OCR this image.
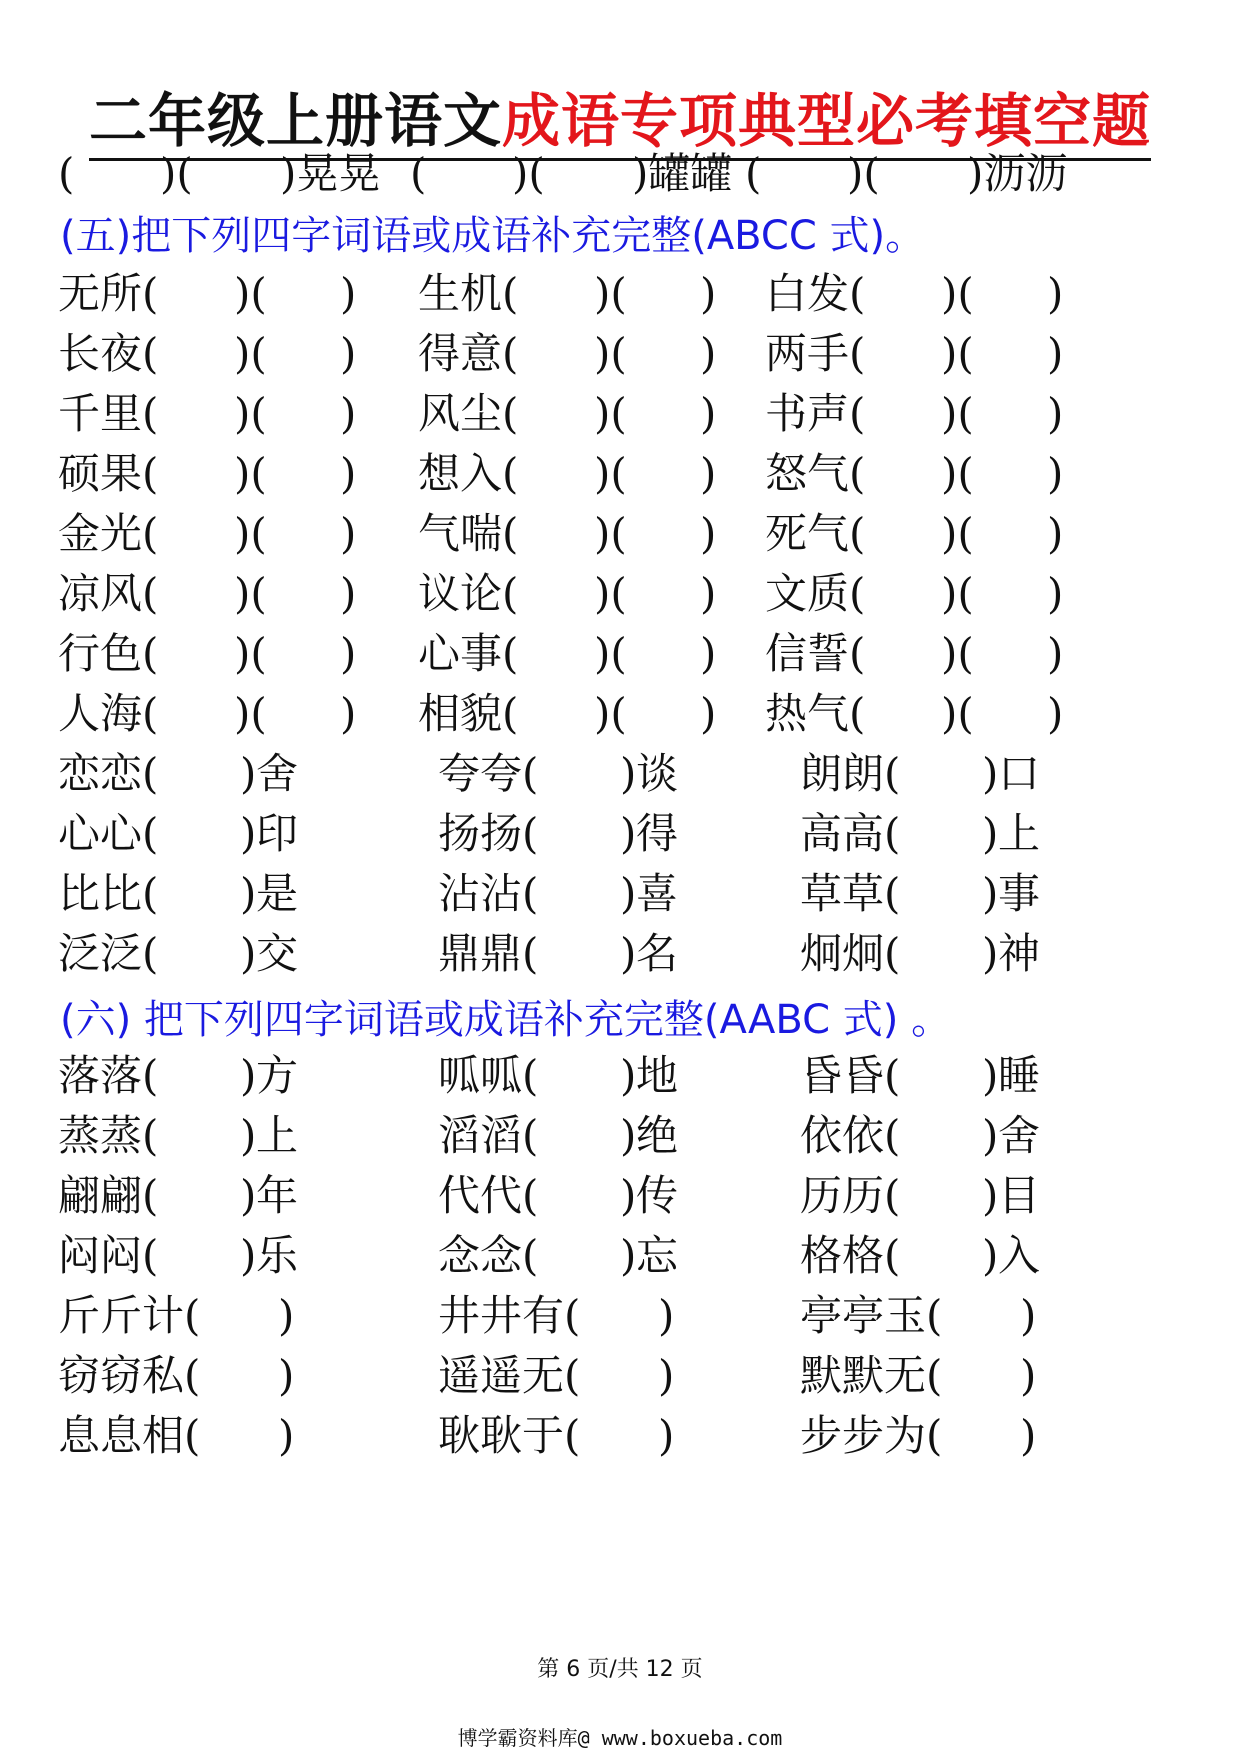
二年级上册语文成语专项典型必考填空题
( )( )晃晃 ( )( )罐罐 ( )( )沥沥
(五)把下列四字词语或成语补充完整(ABCC 式)。
无所 ( )( ) 生机 ( )( ) 白发 ( )( )
长夜 ( )( ) 得意 ( )( ) 两手 ( )( )
千里 ( )( ) 风尘 ( )( ) 书声 ( )( )
硕果 ( )( ) 想入 ( )( ) 怒气 ( )( )
金光 ( )( ) 气喘 ( )( ) 死气 ( )( )
凉风 ( )( ) 议论 ( )( ) 文质 ( )( )
行色 ( )( ) 心事 ( )( ) 信誓 ( )( )
人海 ( )( ) 相貌 ( )( ) 热气 ( )( )
恋恋 ( ) 舍	夸夸 ( ) 谈	朗朗 ( ) 口
心心 ( ) 印	扬扬 ( ) 得	高高 ( ) 上
比比 ( ) 是	沾沾 ( ) 喜	草草 ( ) 事
泛泛 ( ) 交	鼎鼎 ( ) 名	炯炯 ( ) 神
(六) 把下列四字词语或成语补充完整(AABC 式) 。
落落 ( ) 方	呱呱 ( ) 地	昏昏 ( ) 睡
蒸蒸 ( ) 上	滔滔 ( ) 绝	依依 ( ) 舍
翩翩 ( ) 年	代代 ( ) 传	历历 ( ) 目
闷闷 ( ) 乐	念念 ( ) 忘	格格 ( ) 入
斤斤计 ( )	井井有 ( )	亭亭玉 ( )
窃窃私 ( )	遥遥无 ( )	默默无 ( )
息息相 ( )	耿耿于 ( )	步步为 ( )
第 6 页/共 12 页
博学霸资料库@ www.boxueba.com
